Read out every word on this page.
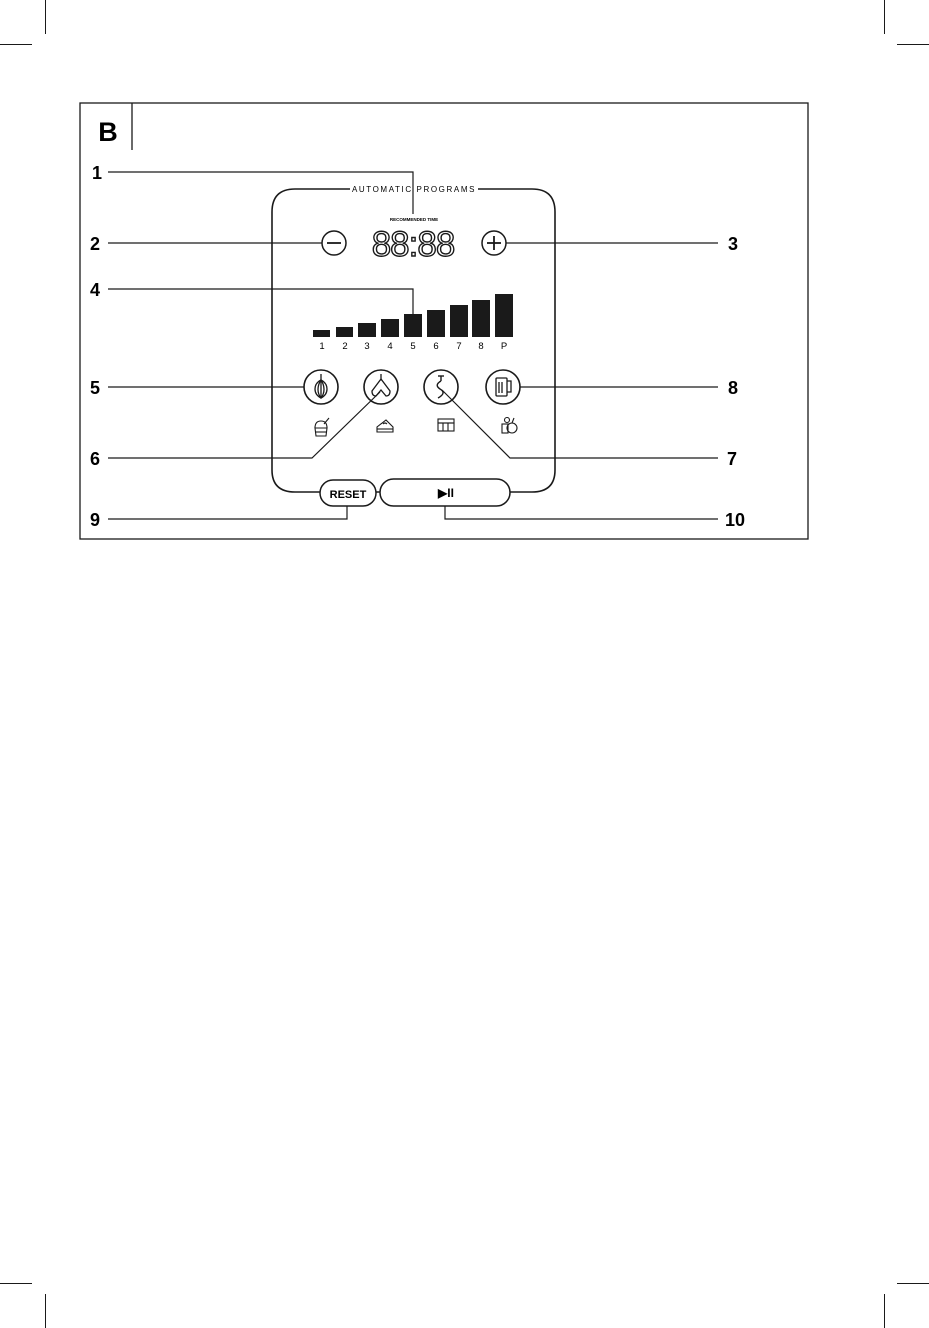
B
AUTOMATIC PROGRAMS
RECOMMENDED TIME
88:88
1 2 3 4 5 6 7 8 P
RESET	▶II
1
2	3
4
5
6	7
8
9	10
